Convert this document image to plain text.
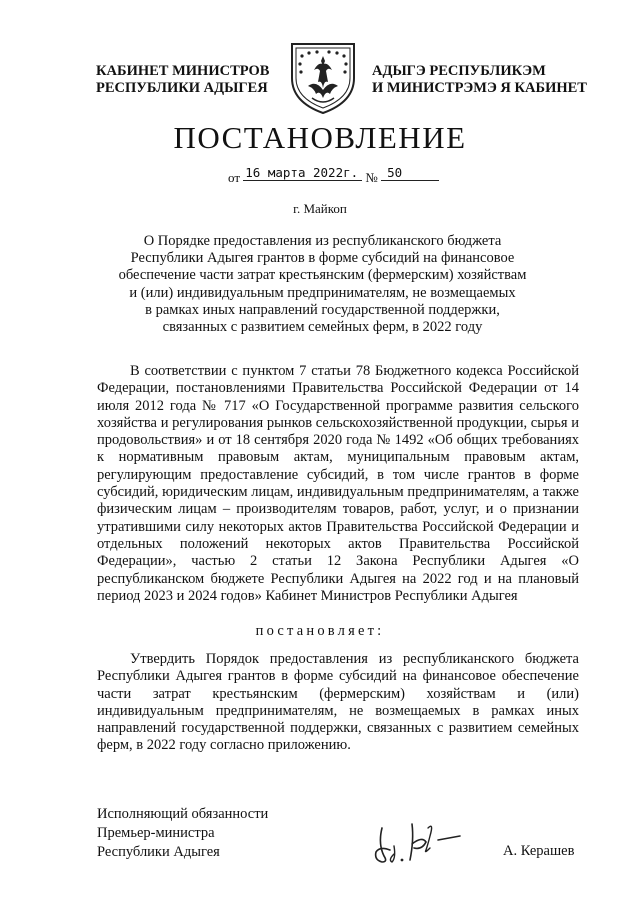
КАБИНЕТ МИНИСТРОВ
РЕСПУБЛИКИ АДЫГЕЯ
АДЫГЭ РЕСПУБЛИКЭМ
И МИНИСТРЭМЭ Я КАБИНЕТ
ПОСТАНОВЛЕНИЕ
от 16 марта 2022г. № 50
г. Майкоп
О Порядке предоставления из республиканского бюджета
Республики Адыгея грантов в форме субсидий на финансовое
обеспечение части затрат крестьянским (фермерским) хозяйствам
и (или) индивидуальным предпринимателям, не возмещаемых
в рамках иных направлений государственной поддержки,
связанных с развитием семейных ферм, в 2022 году

В соответствии с пунктом 7 статьи 78 Бюджетного кодекса Российской Федерации, постановлениями Правительства Российской Федерации от 14 июля 2012 года № 717 «О Государственной программе развития сельского хозяйства и регулирования рынков сельскохозяйственной продукции, сырья и продовольствия» и от 18 сентября 2020 года № 1492 «Об общих требованиях к нормативным правовым актам, муниципальным правовым актам, регулирующим предоставление субсидий, в том числе грантов в форме субсидий, юридическим лицам, индивидуальным предпринимателям, а также физическим лицам – производителям товаров, работ, услуг, и о признании утратившими силу некоторых актов Правительства Российской Федерации и отдельных положений некоторых актов Правительства Российской Федерации», частью 2 статьи 12 Закона Республики Адыгея «О республиканском бюджете Республики Адыгея на 2022 год и на плановый период 2023 и 2024 годов» Кабинет Министров Республики Адыгея

постановляет:

Утвердить Порядок предоставления из республиканского бюджета Республики Адыгея грантов в форме субсидий на финансовое обеспечение части затрат крестьянским (фермерским) хозяйствам и (или) индивидуальным предпринимателям, не возмещаемых в рамках иных направлений государственной поддержки, связанных с развитием семейных ферм, в 2022 году согласно приложению.

Исполняющий обязанности
Премьер-министра
Республики Адыгея	А. Керашев
